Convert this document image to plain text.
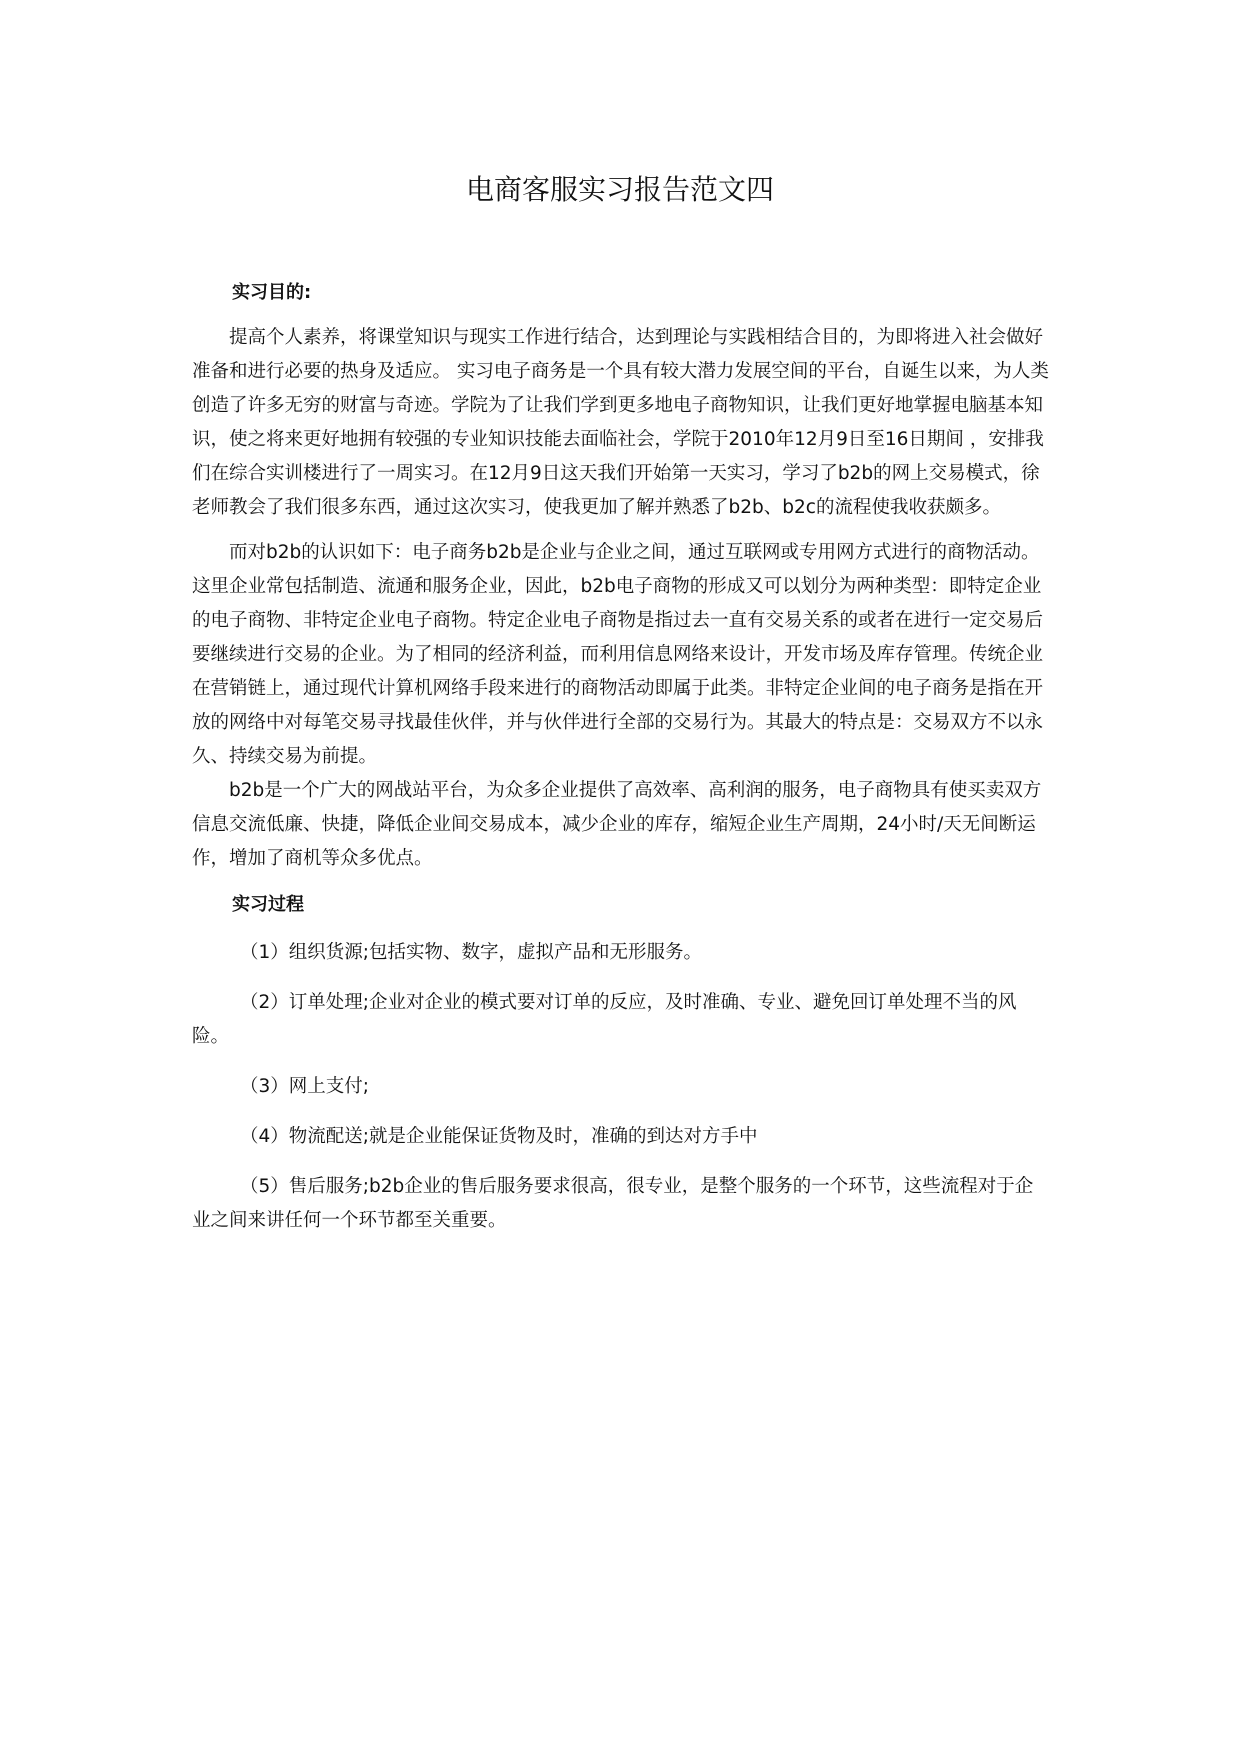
电商客服实习报告范文四

实习目的:

提高个人素养，将课堂知识与现实工作进行结合，达到理论与实践相结合目的，为即将进入社会做好准备和进行必要的热身及适应。 实习电子商务是一个具有较大潜力发展空间的平台，自诞生以来，为人类创造了许多无穷的财富与奇迹。学院为了让我们学到更多地电子商物知识，让我们更好地掌握电脑基本知识，使之将来更好地拥有较强的专业知识技能去面临社会，学院于2010年12月9日至16日期间 ，安排我们在综合实训楼进行了一周实习。在12月9日这天我们开始第一天实习，学习了b2b的网上交易模式，徐老师教会了我们很多东西，通过这次实习，使我更加了解并熟悉了b2b、b2c的流程使我收获颇多。

而对b2b的认识如下：电子商务b2b是企业与企业之间，通过互联网或专用网方式进行的商物活动。这里企业常包括制造、流通和服务企业，因此，b2b电子商物的形成又可以划分为两种类型：即特定企业的电子商物、非特定企业电子商物。特定企业电子商物是指过去一直有交易关系的或者在进行一定交易后要继续进行交易的企业。为了相同的经济利益，而利用信息网络来设计，开发市场及库存管理。传统企业在营销链上，通过现代计算机网络手段来进行的商物活动即属于此类。非特定企业间的电子商务是指在开放的网络中对每笔交易寻找最佳伙伴，并与伙伴进行全部的交易行为。其最大的特点是：交易双方不以永久、持续交易为前提。

b2b是一个广大的网战站平台，为众多企业提供了高效率、高利润的服务，电子商物具有使买卖双方信息交流低廉、快捷，降低企业间交易成本，减少企业的库存，缩短企业生产周期，24小时/天无间断运作，增加了商机等众多优点。

实习过程

（1）组织货源;包括实物、数字，虚拟产品和无形服务。

（2）订单处理;企业对企业的模式要对订单的反应，及时准确、专业、避免回订单处理不当的风险。

（3）网上支付;

（4）物流配送;就是企业能保证货物及时，准确的到达对方手中

（5）售后服务;b2b企业的售后服务要求很高，很专业，是整个服务的一个环节，这些流程对于企业之间来讲任何一个环节都至关重要。
